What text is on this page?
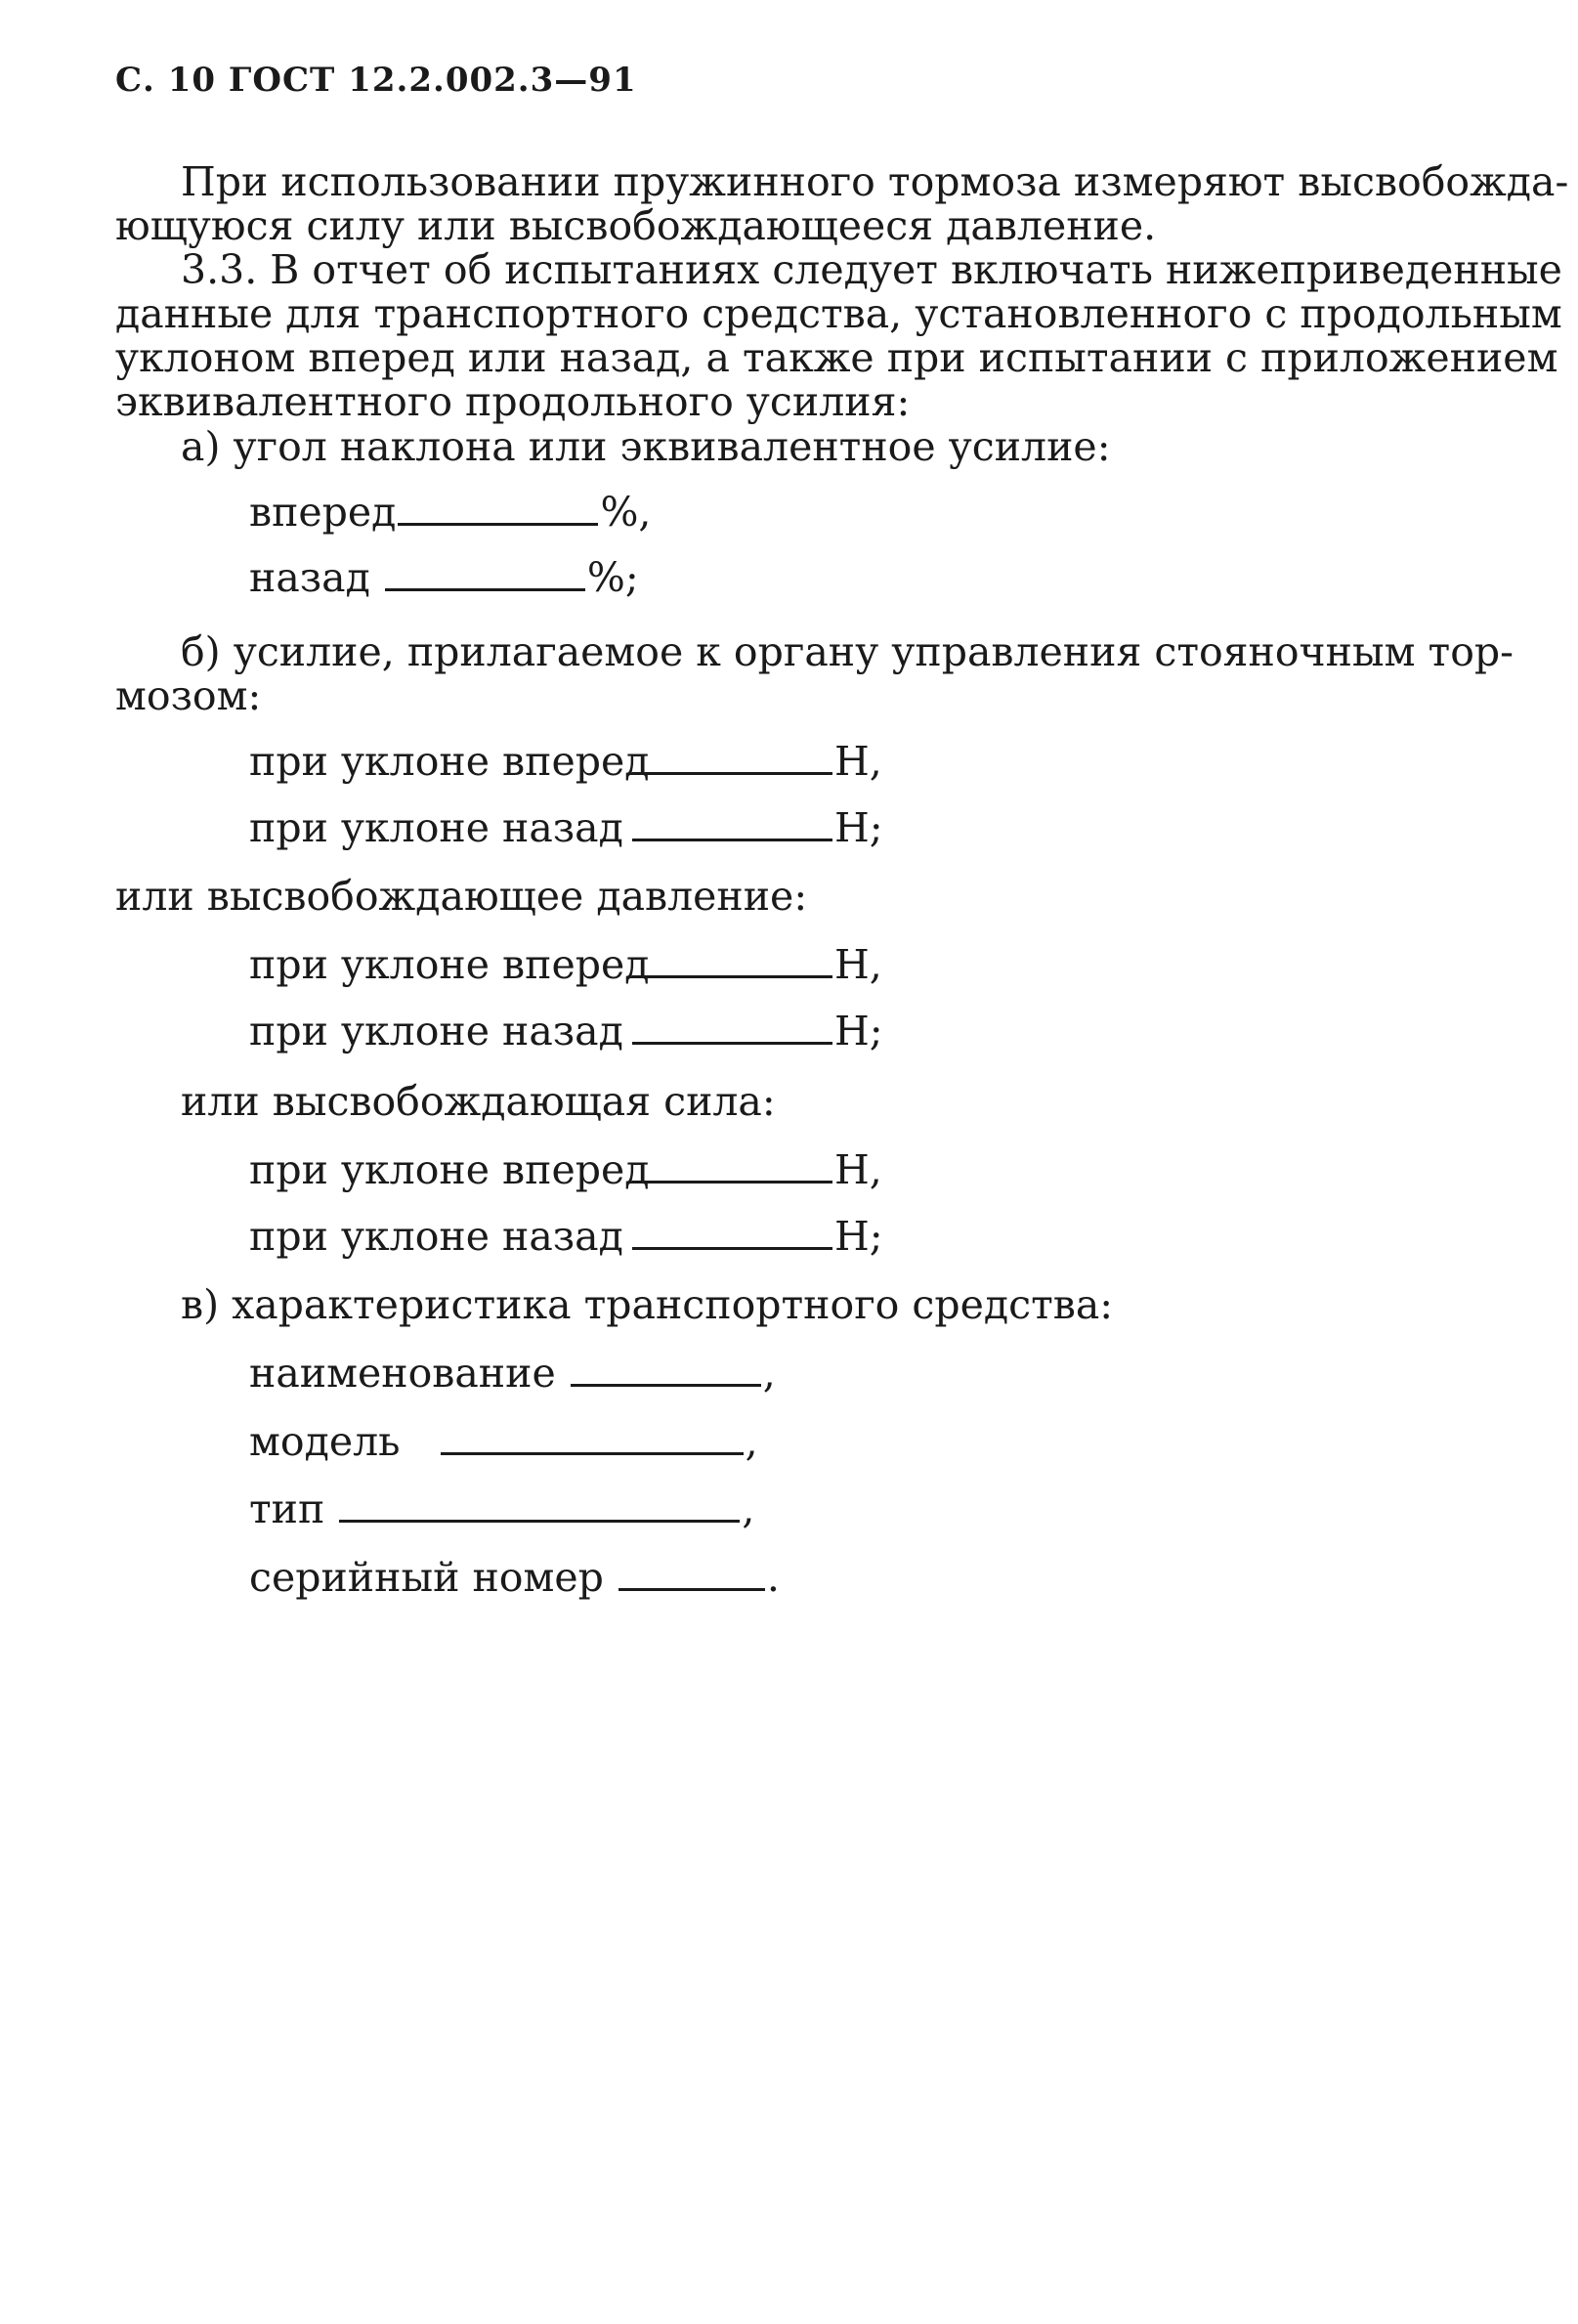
С. 10 ГОСТ 12.2.002.3—91
При использовании пружинного тормоза измеряют высвобожда-
ющуюся силу или высвобождающееся давление.
3.3. В отчет об испытаниях следует включать нижеприведенные
данные для транспортного средства, установленного с продольным
уклоном вперед или назад, а также при испытании с приложением
эквивалентного продольного усилия:
а) угол наклона или эквивалентное усилие:
вперед	%,
назад	%;
б) усилие, прилагаемое к органу управления стояночным тор-
мозом:
при уклоне вперед	Н,
при уклоне назад	Н;
или высвобождающее давление:
при уклоне вперед	Н,
при уклоне назад	Н;
или высвобождающая сила:
при уклоне вперед	Н,
при уклоне назад	Н;
в) характеристика транспортного средства:
наименование	,
модель	,
тип	,
серийный номер	.
